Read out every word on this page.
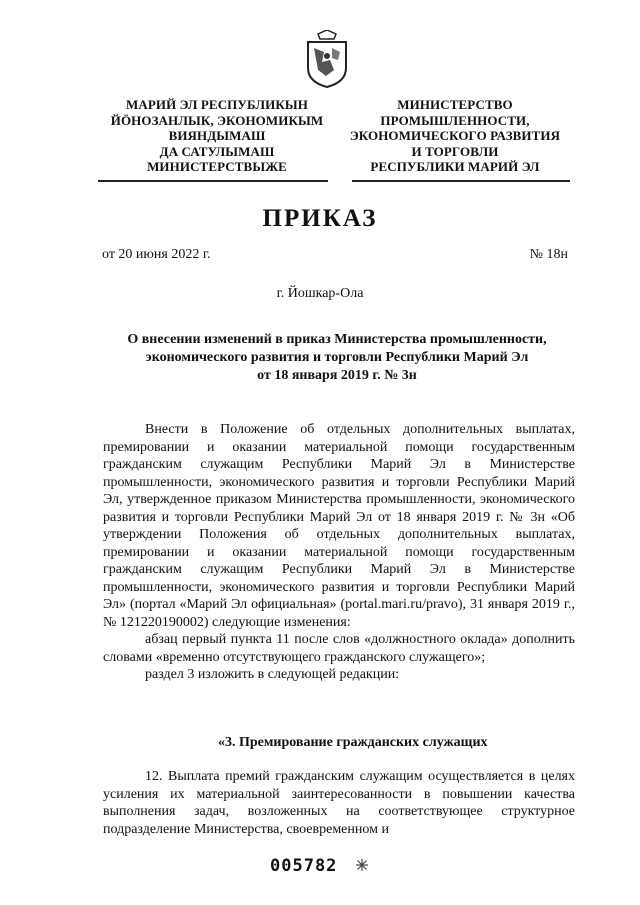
МАРИЙ ЭЛ РЕСПУБЛИКЫН
ЙӦНОЗАНЛЫК, ЭКОНОМИКЫМ
ВИЯНДЫМАШ
ДА САТУЛЫМАШ
МИНИСТЕРСТВЫЖЕ
МИНИСТЕРСТВО
ПРОМЫШЛЕННОСТИ,
ЭКОНОМИЧЕСКОГО РАЗВИТИЯ
И ТОРГОВЛИ
РЕСПУБЛИКИ МАРИЙ ЭЛ
ПРИКАЗ
от 20 июня 2022 г.	№ 18н
г. Йошкар-Ола
О внесении изменений в приказ Министерства промышленности,
экономического развития и торговли Республики Марий Эл
от 18 января 2019 г. № 3н

Внести в Положение об отдельных дополнительных выплатах, премировании и оказании материальной помощи государственным гражданским служащим Республики Марий Эл в Министерстве промышленности, экономического развития и торговли Республики Марий Эл, утвержденное приказом Министерства промышленности, экономического развития и торговли Республики Марий Эл от 18 января 2019 г. № 3н «Об утверждении Положения об отдельных дополнительных выплатах, премировании и оказании материальной помощи государственным гражданским служащим Республики Марий Эл в Министерстве промышленности, экономического развития и торговли Республики Марий Эл» (портал «Марий Эл официальная» (portal.mari.ru/pravo), 31 января 2019 г., № 121220190002) следующие изменения:

абзац первый пункта 11 после слов «должностного оклада» дополнить словами «временно отсутствующего гражданского служащего»;

раздел 3 изложить в следующей редакции:

«3. Премирование гражданских служащих

12. Выплата премий гражданским служащим осуществляется в целях усиления их материальной заинтересованности в повышении качества выполнения задач, возложенных на соответствующее структурное подразделение Министерства, своевременном и

005782
